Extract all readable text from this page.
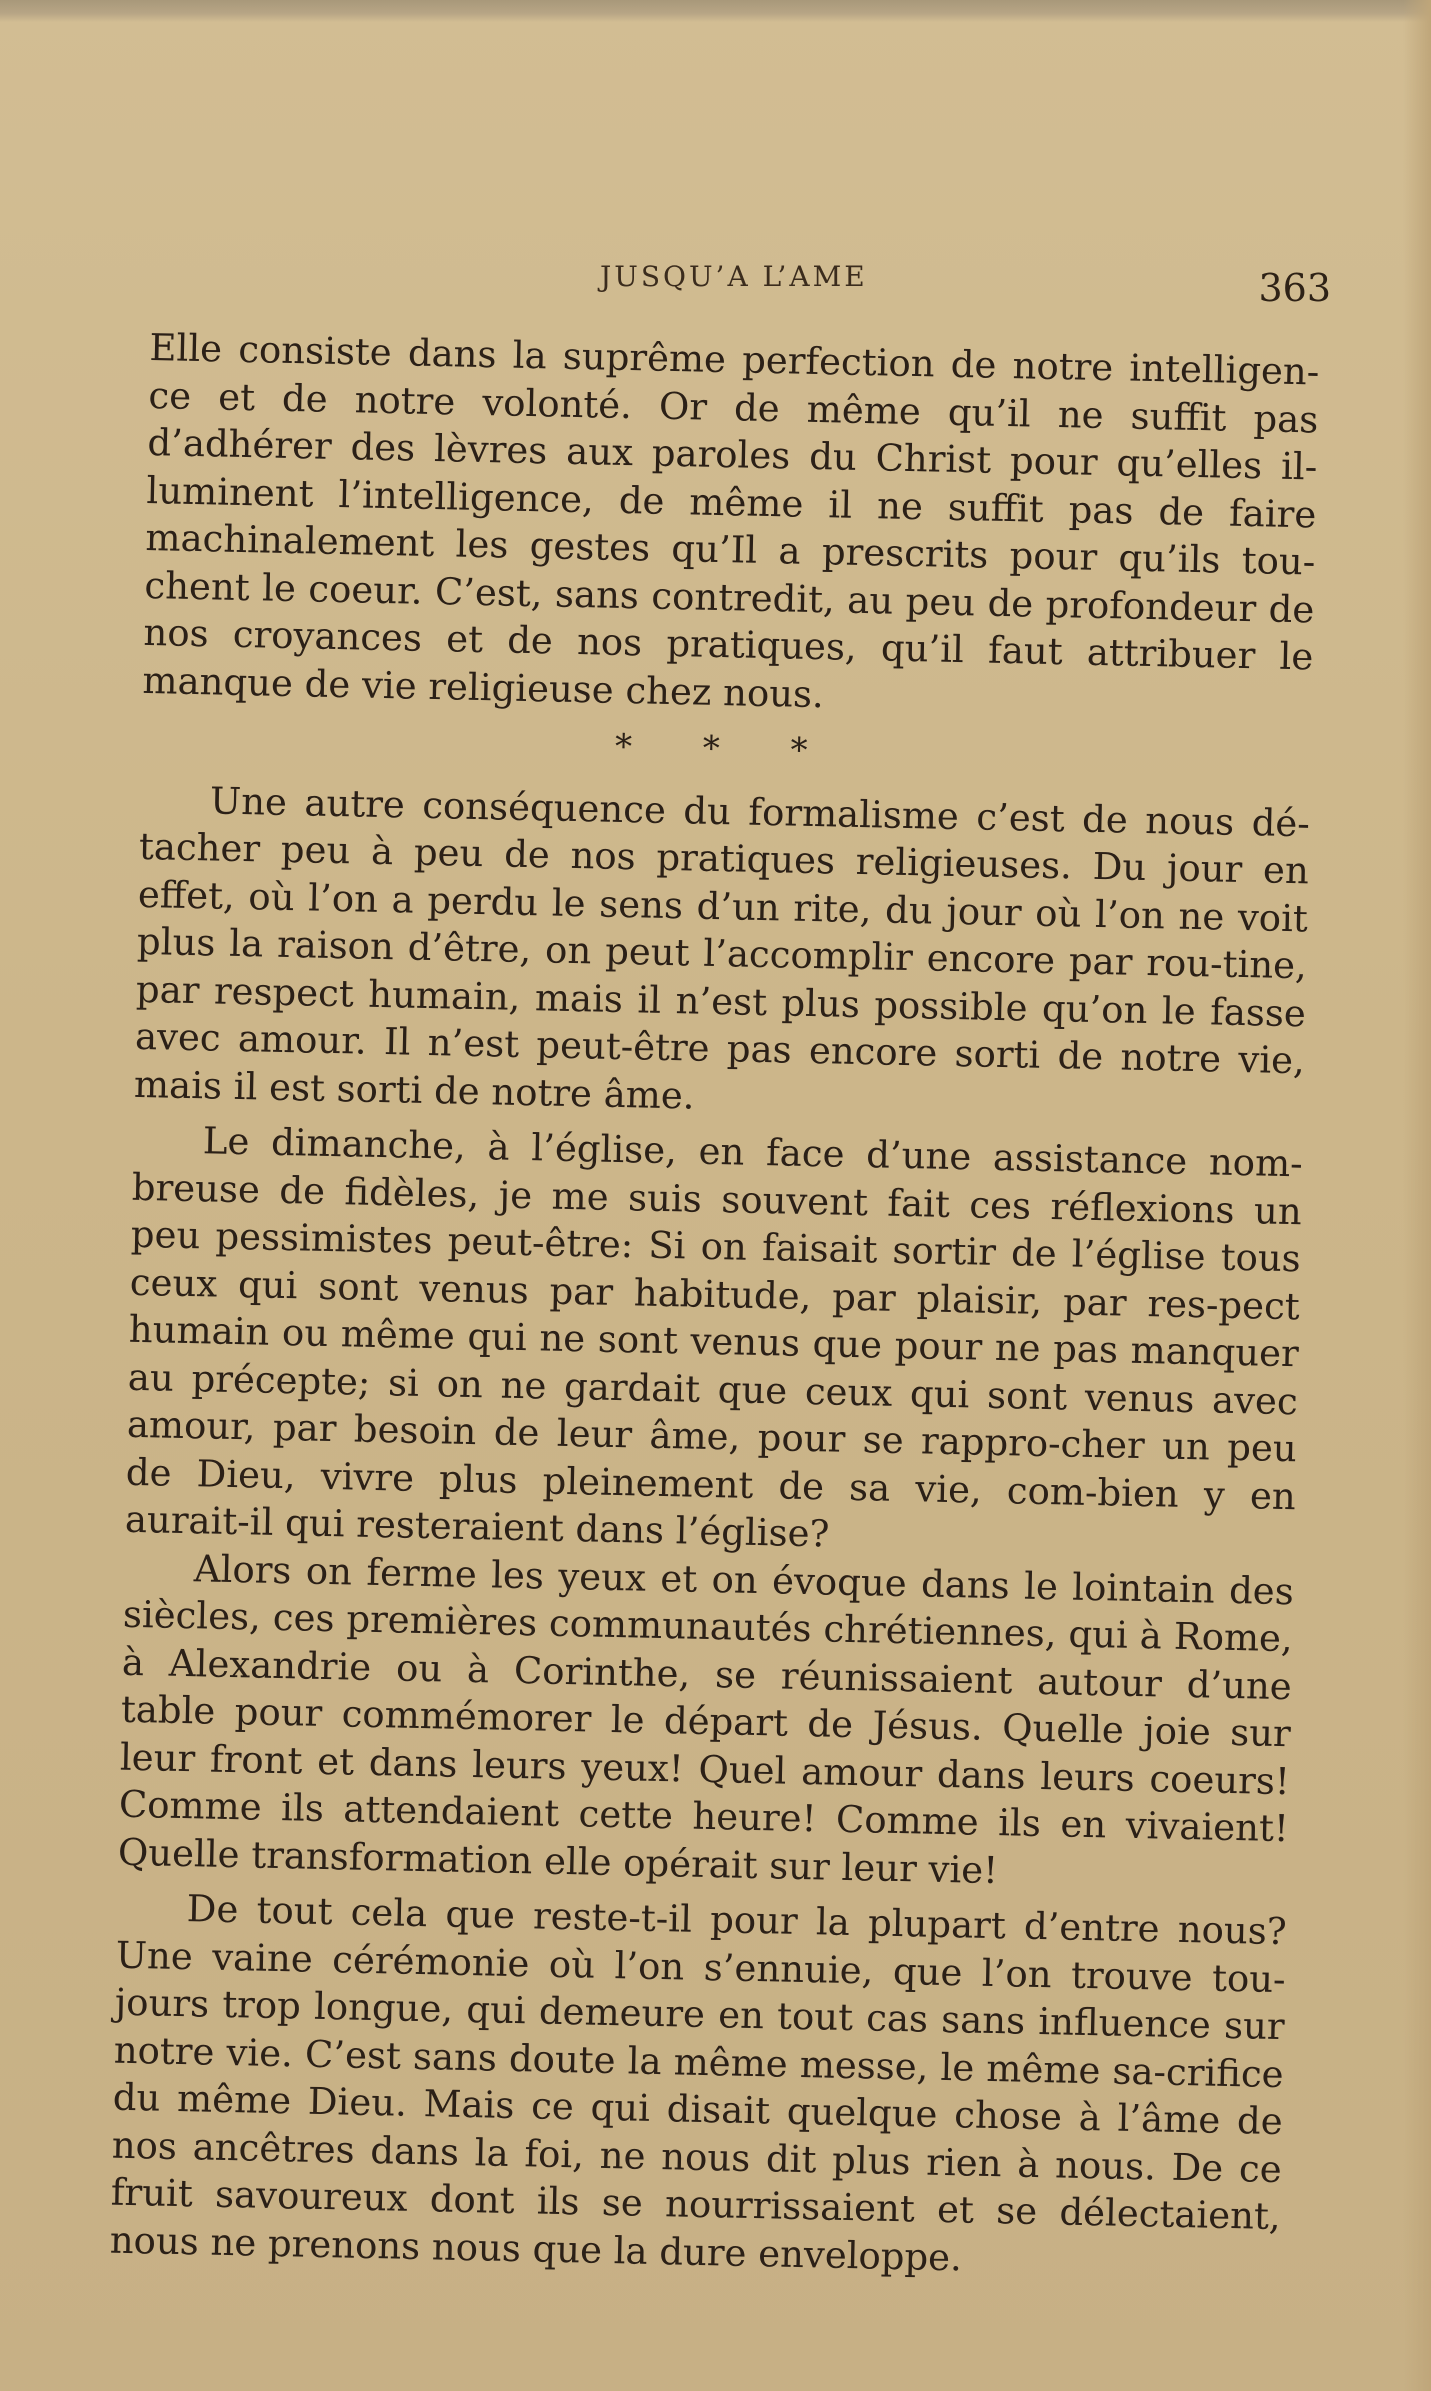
JUSQU’A L’AME	363

Elle consiste dans la suprême perfection de notre intelligen-ce et de notre volonté. Or de même qu’il ne suffit pas d’adhérer des lèvres aux paroles du Christ pour qu’elles il-luminent l’intelligence, de même il ne suffit pas de faire machinalement les gestes qu’Il a prescrits pour qu’ils tou-chent le coeur. C’est, sans contredit, au peu de profondeur de nos croyances et de nos pratiques, qu’il faut attribuer le manque de vie religieuse chez nous.

* * *

Une autre conséquence du formalisme c’est de nous dé-tacher peu à peu de nos pratiques religieuses. Du jour en effet, où l’on a perdu le sens d’un rite, du jour où l’on ne voit plus la raison d’être, on peut l’accomplir encore par rou-tine, par respect humain, mais il n’est plus possible qu’on le fasse avec amour. Il n’est peut-être pas encore sorti de notre vie, mais il est sorti de notre âme.

Le dimanche, à l’église, en face d’une assistance nom-breuse de fidèles, je me suis souvent fait ces réflexions un peu pessimistes peut-être: Si on faisait sortir de l’église tous ceux qui sont venus par habitude, par plaisir, par res-pect humain ou même qui ne sont venus que pour ne pas manquer au précepte; si on ne gardait que ceux qui sont venus avec amour, par besoin de leur âme, pour se rappro-cher un peu de Dieu, vivre plus pleinement de sa vie, com-bien y en aurait-il qui resteraient dans l’église?

Alors on ferme les yeux et on évoque dans le lointain des siècles, ces premières communautés chrétiennes, qui à Rome, à Alexandrie ou à Corinthe, se réunissaient autour d’une table pour commémorer le départ de Jésus. Quelle joie sur leur front et dans leurs yeux! Quel amour dans leurs coeurs! Comme ils attendaient cette heure! Comme ils en vivaient! Quelle transformation elle opérait sur leur vie!

De tout cela que reste-t-il pour la plupart d’entre nous? Une vaine cérémonie où l’on s’ennuie, que l’on trouve tou-jours trop longue, qui demeure en tout cas sans influence sur notre vie. C’est sans doute la même messe, le même sa-crifice du même Dieu. Mais ce qui disait quelque chose à l’âme de nos ancêtres dans la foi, ne nous dit plus rien à nous. De ce fruit savoureux dont ils se nourrissaient et se délectaient, nous ne prenons nous que la dure enveloppe.
